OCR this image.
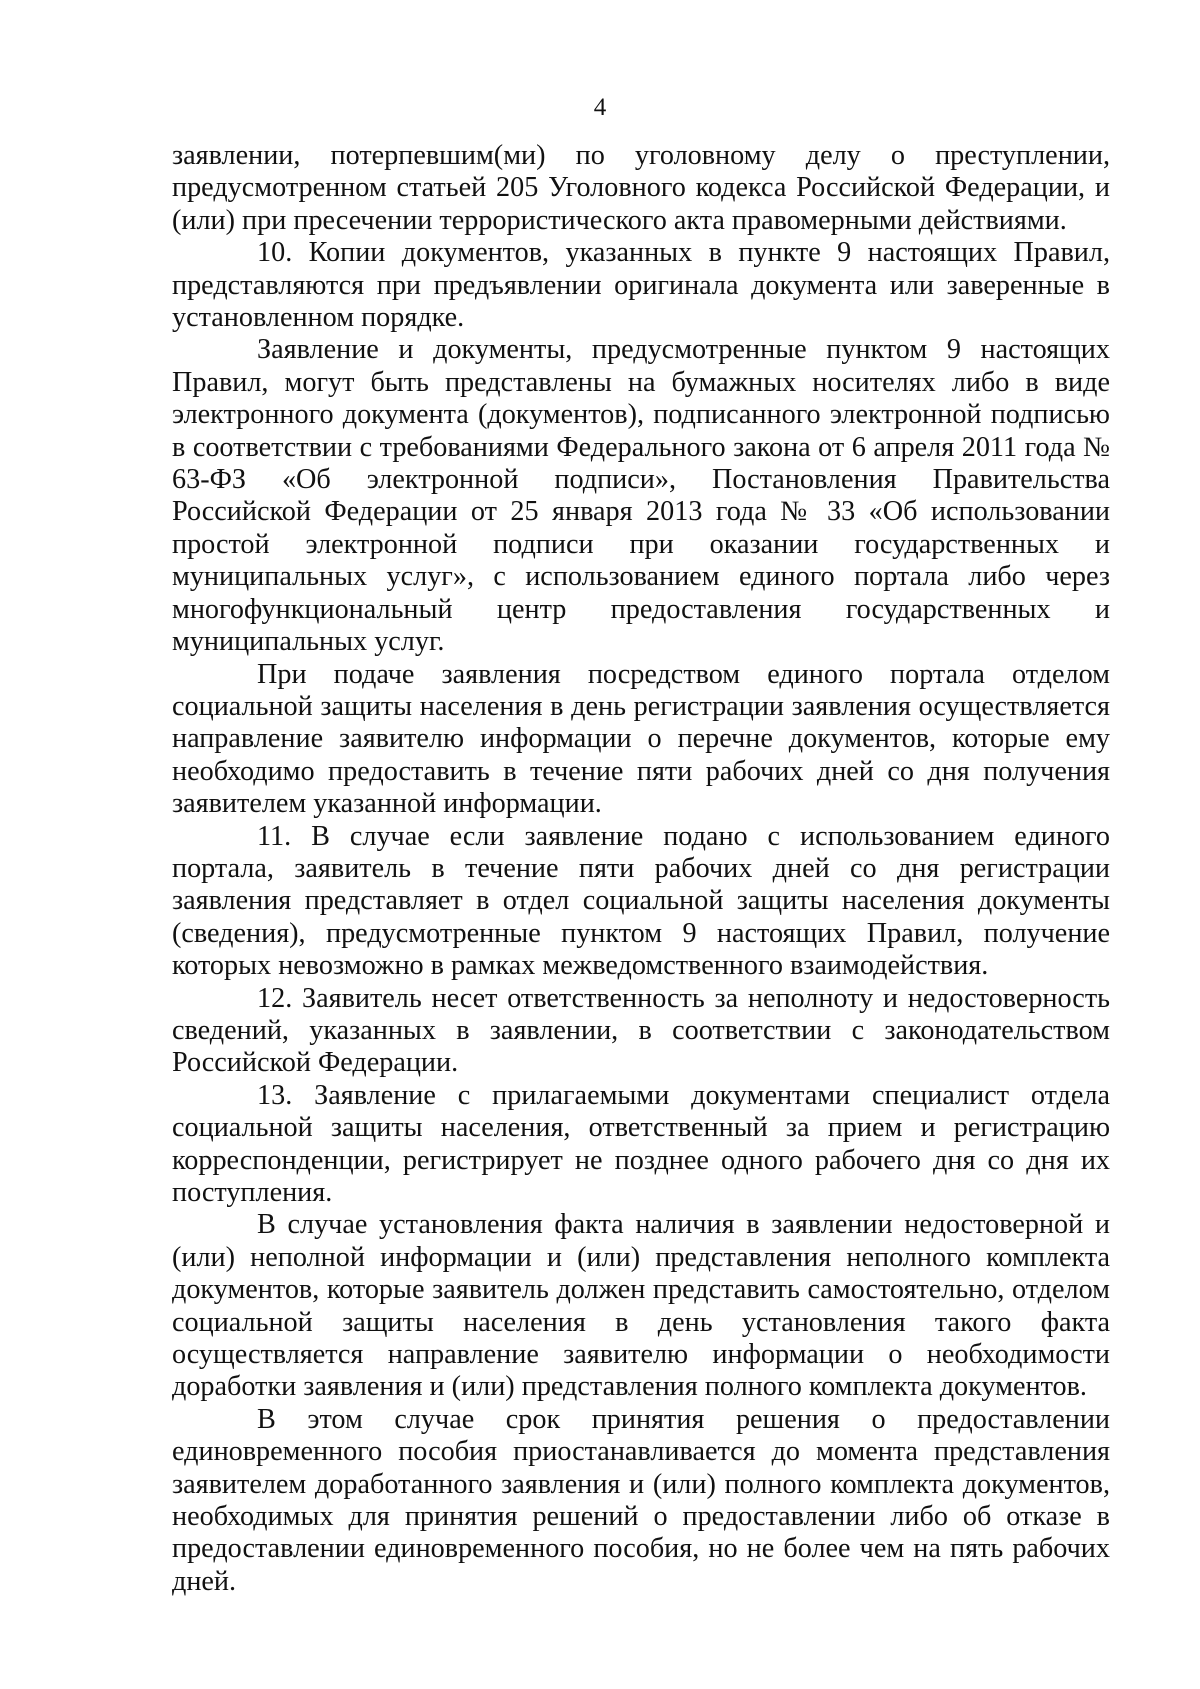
4

заявлении, потерпевшим(ми) по уголовному делу о преступлении, предусмотренном статьей 205 Уголовного кодекса Российской Федерации, и (или) при пресечении террористического акта правомерными действиями.

10. Копии документов, указанных в пункте 9 настоящих Правил, представляются при предъявлении оригинала документа или заверенные в установленном порядке.

Заявление и документы, предусмотренные пунктом 9 настоящих Правил, могут быть представлены на бумажных носителях либо в виде электронного документа (документов), подписанного электронной подписью в соответствии с требованиями Федерального закона от 6 апреля 2011 года № 63-ФЗ «Об электронной подписи», Постановления Правительства Российской Федерации от 25 января 2013 года № 33 «Об использовании простой электронной подписи при оказании государственных и муниципальных услуг», с использованием единого портала либо через многофункциональный центр предоставления государственных и муниципальных услуг.

При подаче заявления посредством единого портала отделом социальной защиты населения в день регистрации заявления осуществляется направление заявителю информации о перечне документов, которые ему необходимо предоставить в течение пяти рабочих дней со дня получения заявителем указанной информации.

11. В случае если заявление подано с использованием единого портала, заявитель в течение пяти рабочих дней со дня регистрации заявления представляет в отдел социальной защиты населения документы (сведения), предусмотренные пунктом 9 настоящих Правил, получение которых невозможно в рамках межведомственного взаимодействия.

12. Заявитель несет ответственность за неполноту и недостоверность сведений, указанных в заявлении, в соответствии с законодательством Российской Федерации.

13. Заявление с прилагаемыми документами специалист отдела социальной защиты населения, ответственный за прием и регистрацию корреспонденции, регистрирует не позднее одного рабочего дня со дня их поступления.

В случае установления факта наличия в заявлении недостоверной и (или) неполной информации и (или) представления неполного комплекта документов, которые заявитель должен представить самостоятельно, отделом социальной защиты населения в день установления такого факта осуществляется направление заявителю информации о необходимости доработки заявления и (или) представления полного комплекта документов.

В этом случае срок принятия решения о предоставлении единовременного пособия приостанавливается до момента представления заявителем доработанного заявления и (или) полного комплекта документов, необходимых для принятия решений о предоставлении либо об отказе в предоставлении единовременного пособия, но не более чем на пять рабочих дней.
